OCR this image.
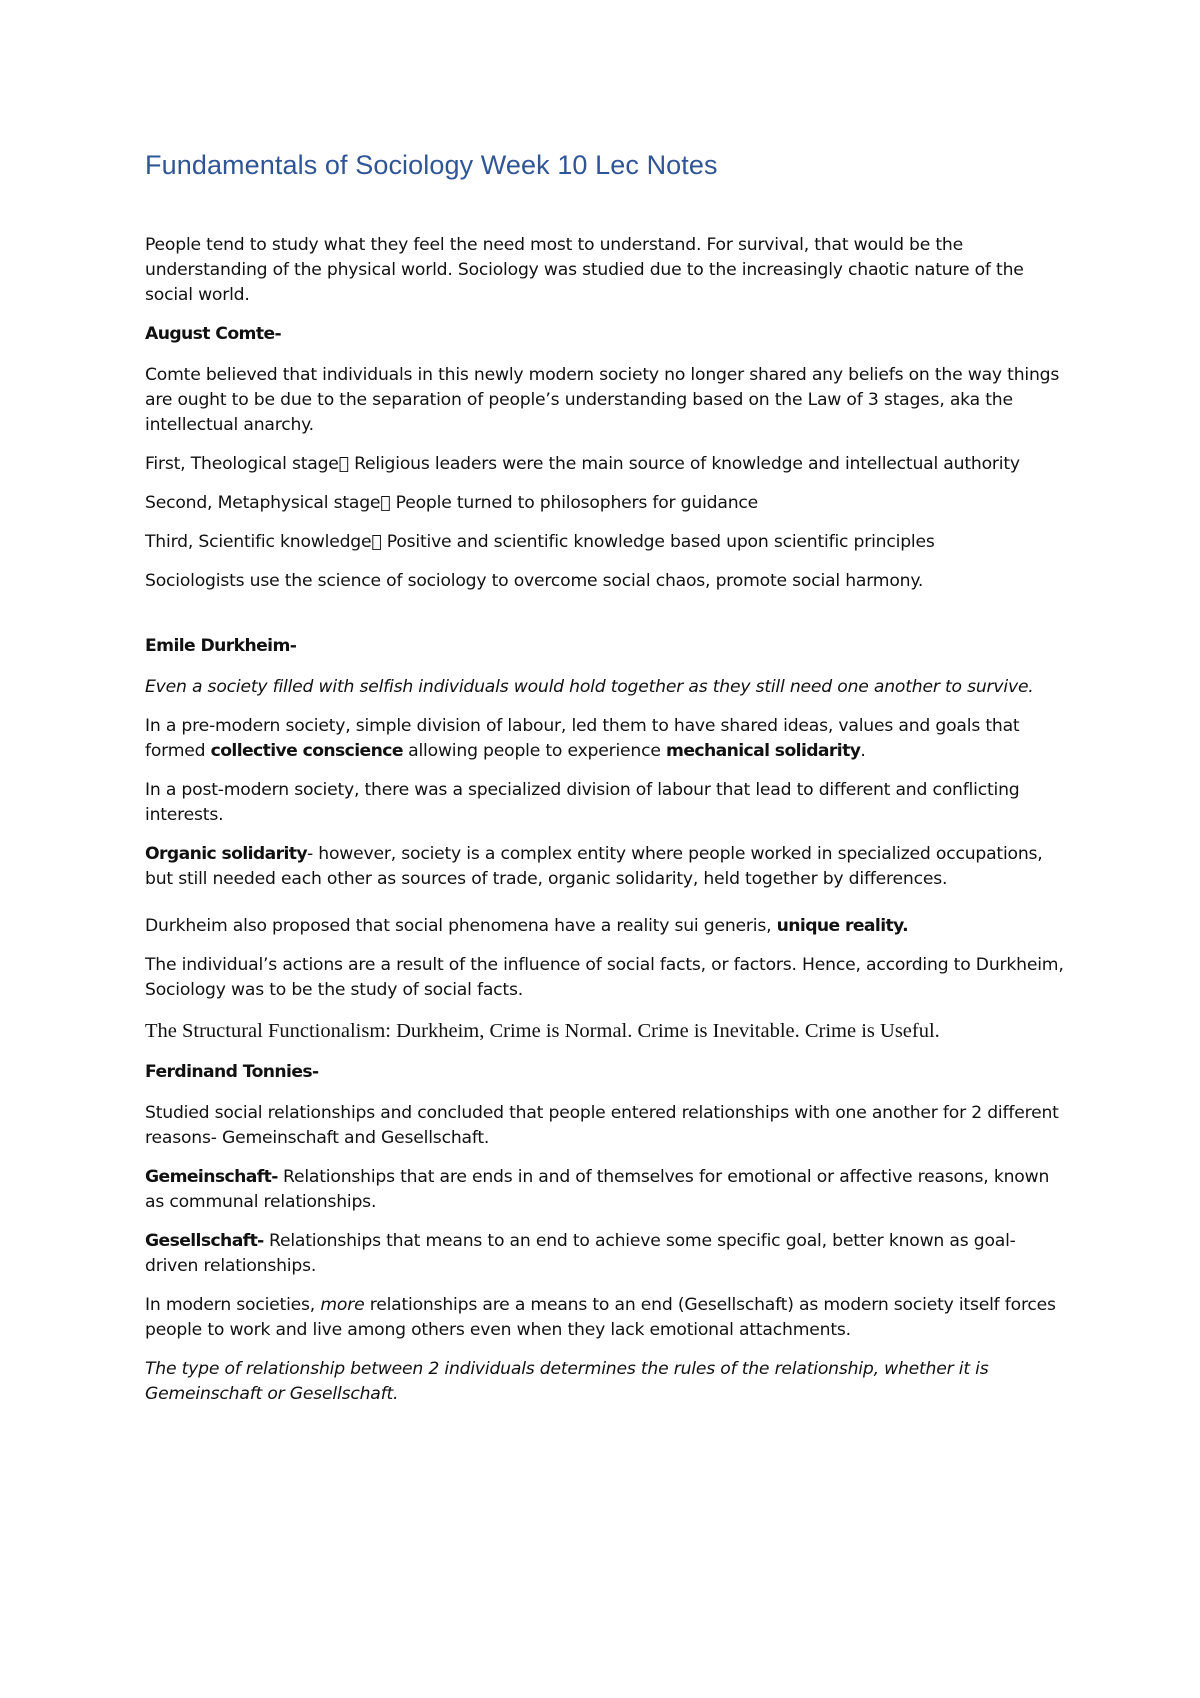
Fundamentals of Sociology Week 10 Lec Notes

People tend to study what they feel the need most to understand. For survival, that would be the understanding of the physical world. Sociology was studied due to the increasingly chaotic nature of the social world.

August Comte-

Comte believed that individuals in this newly modern society no longer shared any beliefs on the way things are ought to be due to the separation of people’s understanding based on the Law of 3 stages, aka the intellectual anarchy.

First, Theological stage Religious leaders were the main source of knowledge and intellectual authority

Second, Metaphysical stage People turned to philosophers for guidance

Third, Scientific knowledge Positive and scientific knowledge based upon scientific principles

Sociologists use the science of sociology to overcome social chaos, promote social harmony.

Emile Durkheim-

Even a society filled with selfish individuals would hold together as they still need one another to survive.

In a pre-modern society, simple division of labour, led them to have shared ideas, values and goals that formed collective conscience allowing people to experience mechanical solidarity.

In a post-modern society, there was a specialized division of labour that lead to different and conflicting interests.

Organic solidarity- however, society is a complex entity where people worked in specialized occupations, but still needed each other as sources of trade, organic solidarity, held together by differences.

Durkheim also proposed that social phenomena have a reality sui generis, unique reality.

The individual’s actions are a result of the influence of social facts, or factors. Hence, according to Durkheim, Sociology was to be the study of social facts.

The Structural Functionalism: Durkheim, Crime is Normal. Crime is Inevitable. Crime is Useful.

Ferdinand Tonnies-

Studied social relationships and concluded that people entered relationships with one another for 2 different reasons- Gemeinschaft and Gesellschaft.

Gemeinschaft- Relationships that are ends in and of themselves for emotional or affective reasons, known as communal relationships.

Gesellschaft- Relationships that means to an end to achieve some specific goal, better known as goal-driven relationships.

In modern societies, more relationships are a means to an end (Gesellschaft) as modern society itself forces people to work and live among others even when they lack emotional attachments.

The type of relationship between 2 individuals determines the rules of the relationship, whether it is Gemeinschaft or Gesellschaft.
